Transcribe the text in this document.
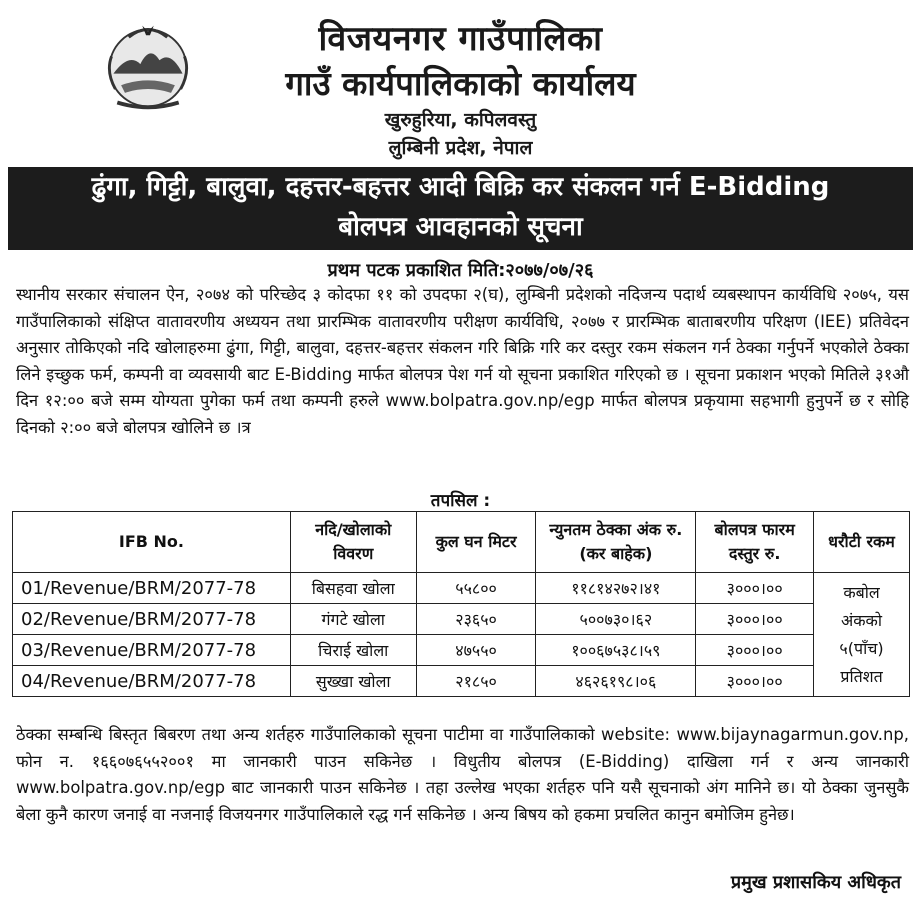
विजयनगर गाउँपालिका
गाउँ कार्यपालिकाको कार्यालय
खुरुहुरिया, कपिलवस्तु
लुम्बिनी प्रदेश, नेपाल
ढुंगा, गिट्टी, बालुवा, दहत्तर-बहत्तर आदी बिक्रि कर संकलन गर्न E-Bidding
बोलपत्र आवहानको सूचना
प्रथम पटक प्रकाशित मिति:२०७७/०७/२६

स्थानीय सरकार संचालन ऐन, २०७४ को परिच्छेद ३ कोदफा ११ को उपदफा २(घ), लुम्बिनी प्रदेशको नदिजन्य पदार्थ व्यबस्थापन कार्यविधि २०७५, यस गाउँपालिकाको संक्षिप्त वातावरणीय अध्ययन तथा प्रारम्भिक वातावरणीय परीक्षण कार्यविधि, २०७७ र प्रारम्भिक बाताबरणीय परिक्षण (IEE) प्रतिवेदन अनुसार तोकिएको नदि खोलाहरुमा ढुंगा, गिट्टी, बालुवा, दहत्तर-बहत्तर संकलन गरि बिक्रि गरि कर दस्तुर रकम संकलन गर्न ठेक्का गर्नुपर्ने भएकोले ठेक्का लिने इच्छुक फर्म, कम्पनी वा व्यवसायी बाट E-Bidding मार्फत बोलपत्र पेश गर्न यो सूचना प्रकाशित गरिएको छ । सूचना प्रकाशन भएको मितिले ३१औ दिन १२:०० बजे सम्म योग्यता पुगेका फर्म तथा कम्पनी हरुले www.bolpatra.gov.np/egp मार्फत बोलपत्र प्रकृयामा सहभागी हुनुपर्ने छ र सोहि दिनको २:०० बजे बोलपत्र खोलिने छ ।त्र

तपसिल :
IFB No.	नदि/खोलाको विवरण	कुल घन मिटर	न्युनतम ठेक्का अंक रु. (कर बाहेक)	बोलपत्र फारम दस्तुर रु.	धरौटी रकम
01/Revenue/BRM/2077-78	बिसहवा खोला	५५८००	११८१४२७२।४१	३०००।००	कबोल
अंकको
५(पाँच)
प्रतिशत

02/Revenue/BRM/2077-78	गंगटे खोला	२३६५०	५००७३०।६२	३०००।००	
03/Revenue/BRM/2077-78	चिराई खोला	४७५५०	१००६७५३८।५९	३०००।००	
04/Revenue/BRM/2077-78	सुख्खा खोला	२१८५०	४६२६१९८।०६	३०००।००	

ठेक्का सम्बन्धि बिस्तृत बिबरण तथा अन्य शर्तहरु गाउँपालिकाको सूचना पाटीमा वा गाउँपालिकाको website: www.bijaynagarmun.gov.np, फोन न. १६६०७६५५२००१ मा जानकारी पाउन सकिनेछ । विधुतीय बोलपत्र (E-Bidding) दाखिला गर्न र अन्य जानकारी www.bolpatra.gov.np/egp बाट जानकारी पाउन सकिनेछ । तहा उल्लेख भएका शर्तहरु पनि यसै सूचनाको अंग मानिने छ। यो ठेक्का जुनसुकै बेला कुनै कारण जनाई वा नजनाई विजयनगर गाउँपालिकाले रद्ध गर्न सकिनेछ । अन्य बिषय को हकमा प्रचलित कानुन बमोजिम हुनेछ।

प्रमुख प्रशासकिय अधिकृत
